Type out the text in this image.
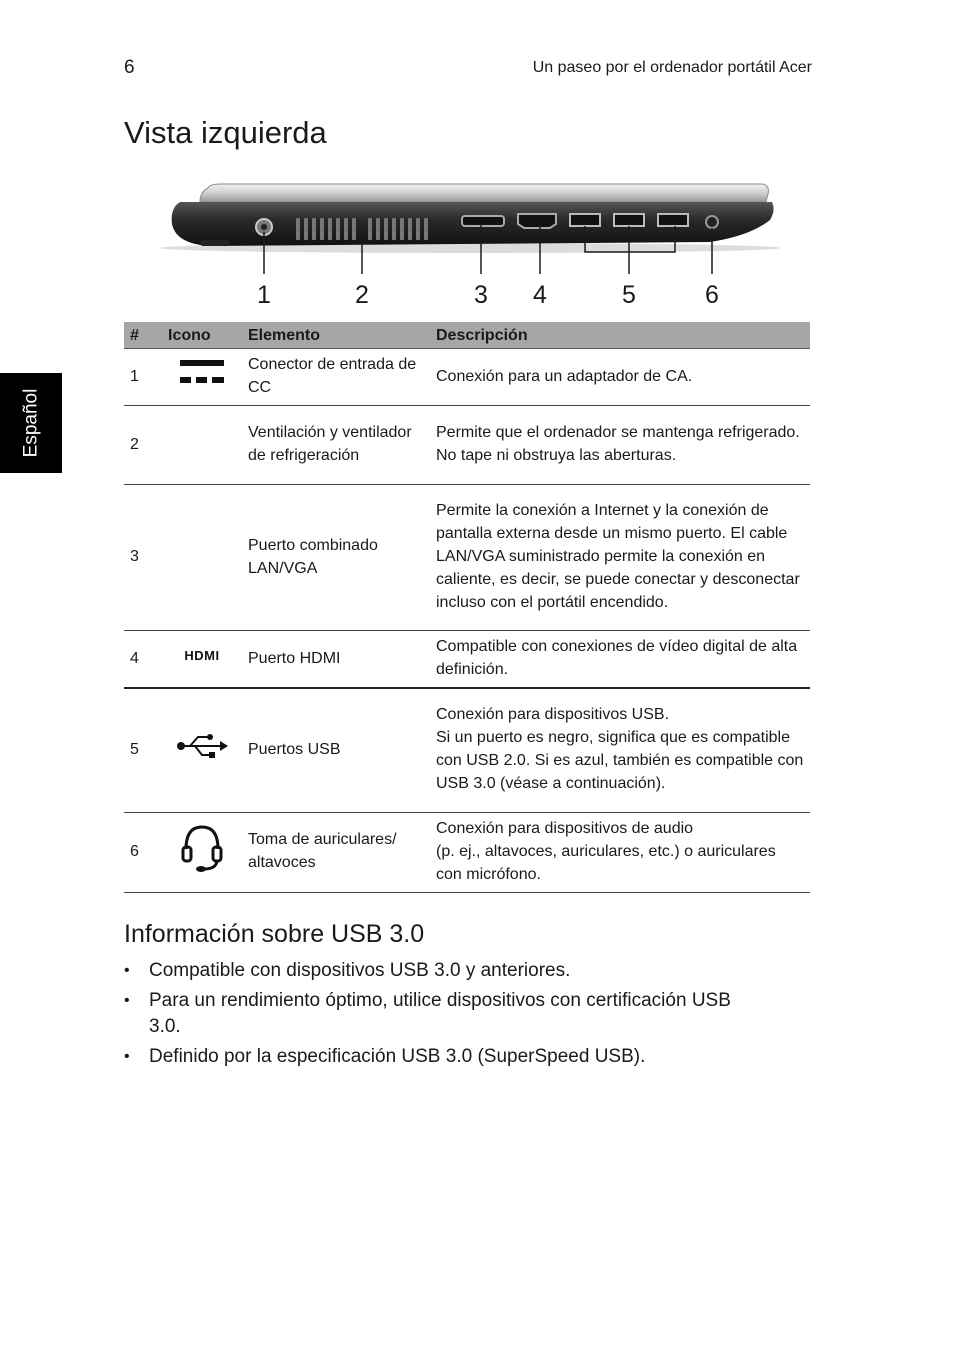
6	Un paseo por el ordenador portátil Acer
Español
Vista izquierda
1	2	3 4	5	6
#	Icono	Elemento	Descripción
1		Conector de entrada de CC	Conexión para un adaptador de CA.

2		Ventilación y ventilador de refrigeración	Permite que el ordenador se mantenga refrigerado.
No tape ni obstruya las aberturas.

3		Puerto combinado LAN/VGA	Permite la conexión a Internet y la conexión de pantalla externa desde un mismo puerto. El cable LAN/VGA suministrado permite la conexión en caliente, es decir, se puede conectar y desconectar incluso con el portátil encendido.

4	HDMI	Puerto HDMI	Compatible con conexiones de vídeo digital de alta definición.

5		Puertos USB	Conexión para dispositivos USB.
Si un puerto es negro, significa que es compatible con USB 2.0. Si es azul, también es compatible con USB 3.0 (véase a continuación).

6		Toma de auriculares/ altavoces	Conexión para dispositivos de audio
(p. ej., altavoces, auriculares, etc.) o auriculares con micrófono.
Información sobre USB 3.0
• Compatible con dispositivos USB 3.0 y anteriores.
• Para un rendimiento óptimo, utilice dispositivos con certificación USB 3.0.
• Definido por la especificación USB 3.0 (SuperSpeed USB).
